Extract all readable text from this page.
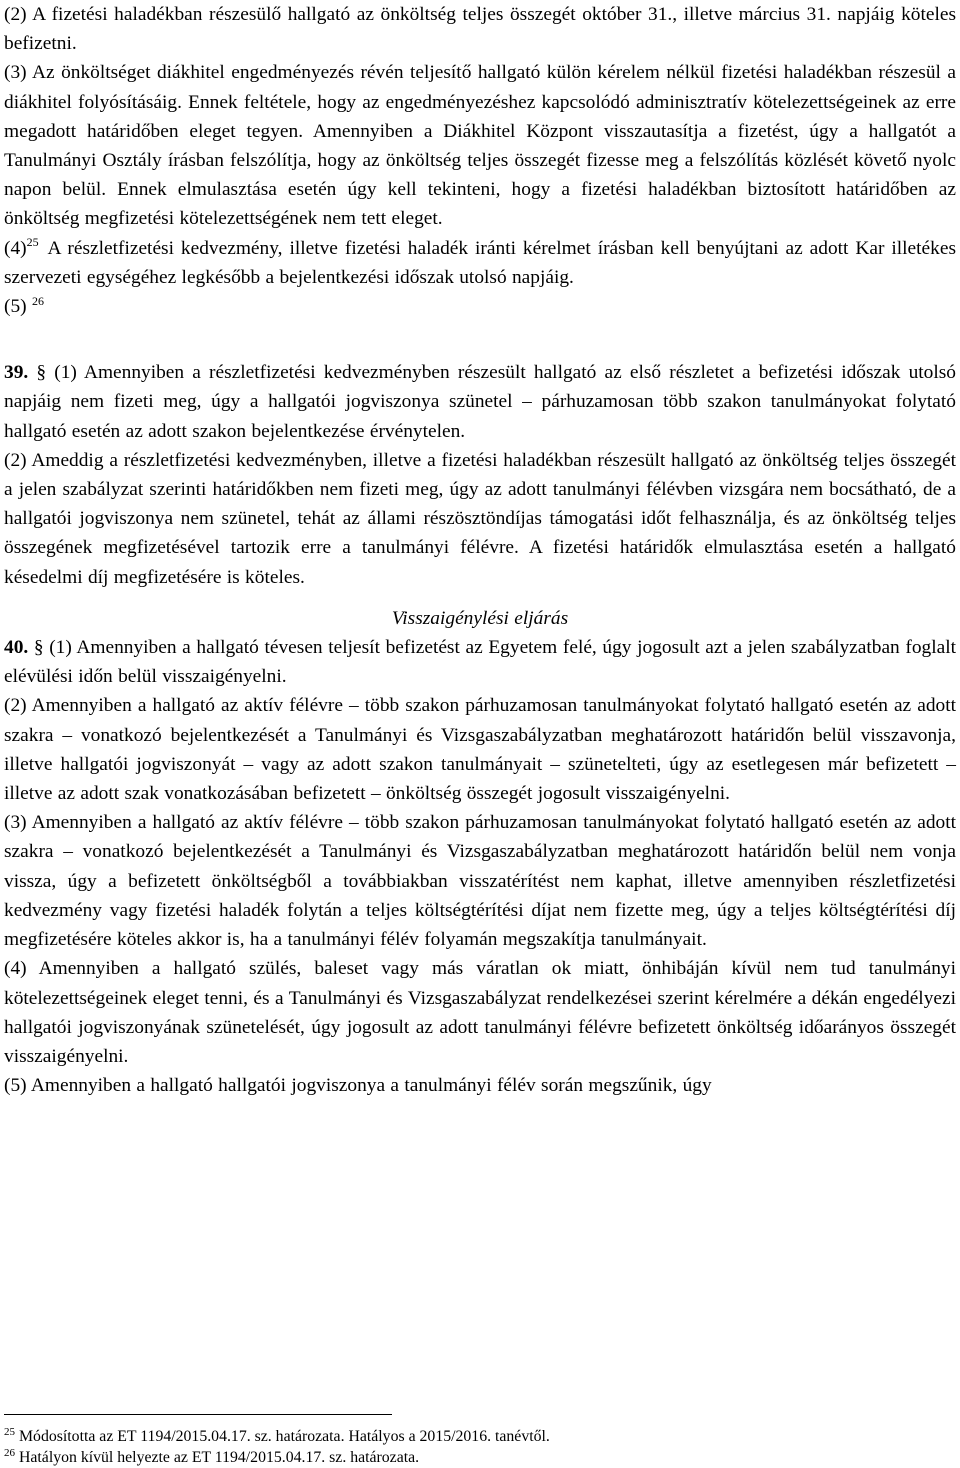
(2) A fizetési haladékban részesülő hallgató az önköltség teljes összegét október 31., illetve március 31. napjáig köteles befizetni.

(3) Az önköltséget diákhitel engedményezés révén teljesítő hallgató külön kérelem nélkül fizetési haladékban részesül a diákhitel folyósításáig. Ennek feltétele, hogy az engedményezéshez kapcsolódó adminisztratív kötelezettségeinek az erre megadott határidőben eleget tegyen. Amennyiben a Diákhitel Központ visszautasítja a fizetést, úgy a hallgatót a Tanulmányi Osztály írásban felszólítja, hogy az önköltség teljes összegét fizesse meg a felszólítás közlését követő nyolc napon belül. Ennek elmulasztása esetén úgy kell tekinteni, hogy a fizetési haladékban biztosított határidőben az önköltség megfizetési kötelezettségének nem tett eleget.

$(4)^{25}$ A részletfizetési kedvezmény, illetve fizetési haladék iránti kérelmet írásban kell benyújtani az adott Kar illetékes szervezeti egységéhez legkésőbb a bejelentkezési időszak utolsó napjáig.

(5) $^{26}$

39. § (1) Amennyiben a részletfizetési kedvezményben részesült hallgató az első részletet a befizetési időszak utolsó napjáig nem fizeti meg, úgy a hallgatói jogviszonya szünetel – párhuzamosan több szakon tanulmányokat folytató hallgató esetén az adott szakon bejelentkezése érvénytelen.

(2) Ameddig a részletfizetési kedvezményben, illetve a fizetési haladékban részesült hallgató az önköltség teljes összegét a jelen szabályzat szerinti határidőkben nem fizeti meg, úgy az adott tanulmányi félévben vizsgára nem bocsátható, de a hallgatói jogviszonya nem szünetel, tehát az állami részösztöndíjas támogatási időt felhasználja, és az önköltség teljes összegének megfizetésével tartozik erre a tanulmányi félévre. A fizetési határidők elmulasztása esetén a hallgató késedelmi díj megfizetésére is köteles.

Visszaigénylési eljárás

40. § (1) Amennyiben a hallgató tévesen teljesít befizetést az Egyetem felé, úgy jogosult azt a jelen szabályzatban foglalt elévülési időn belül visszaigényelni.

(2) Amennyiben a hallgató az aktív félévre – több szakon párhuzamosan tanulmányokat folytató hallgató esetén az adott szakra – vonatkozó bejelentkezését a Tanulmányi és Vizsgaszabályzatban meghatározott határidőn belül visszavonja, illetve hallgatói jogviszonyát – vagy az adott szakon tanulmányait – szünetelteti, úgy az esetlegesen már befizetett – illetve az adott szak vonatkozásában befizetett – önköltség összegét jogosult visszaigényelni.

(3) Amennyiben a hallgató az aktív félévre – több szakon párhuzamosan tanulmányokat folytató hallgató esetén az adott szakra – vonatkozó bejelentkezését a Tanulmányi és Vizsgaszabályzatban meghatározott határidőn belül nem vonja vissza, úgy a befizetett önköltségből a továbbiakban visszatérítést nem kaphat, illetve amennyiben részletfizetési kedvezmény vagy fizetési haladék folytán a teljes költségtérítési díjat nem fizette meg, úgy a teljes költségtérítési díj megfizetésére köteles akkor is, ha a tanulmányi félév folyamán megszakítja tanulmányait.

(4) Amennyiben a hallgató szülés, baleset vagy más váratlan ok miatt, önhibáján kívül nem tud tanulmányi kötelezettségeinek eleget tenni, és a Tanulmányi és Vizsgaszabályzat rendelkezései szerint kérelmére a dékán engedélyezi hallgatói jogviszonyának szünetelését, úgy jogosult az adott tanulmányi félévre befizetett önköltség időarányos összegét visszaigényelni.

(5) Amennyiben a hallgató hallgatói jogviszonya a tanulmányi félév során megszűnik, úgy

$^{25}$ Módosította az ET 1194/2015.04.17. sz. határozata. Hatályos a 2015/2016. tanévtől.
$^{26}$ Hatályon kívül helyezte az ET 1194/2015.04.17. sz. határozata.
